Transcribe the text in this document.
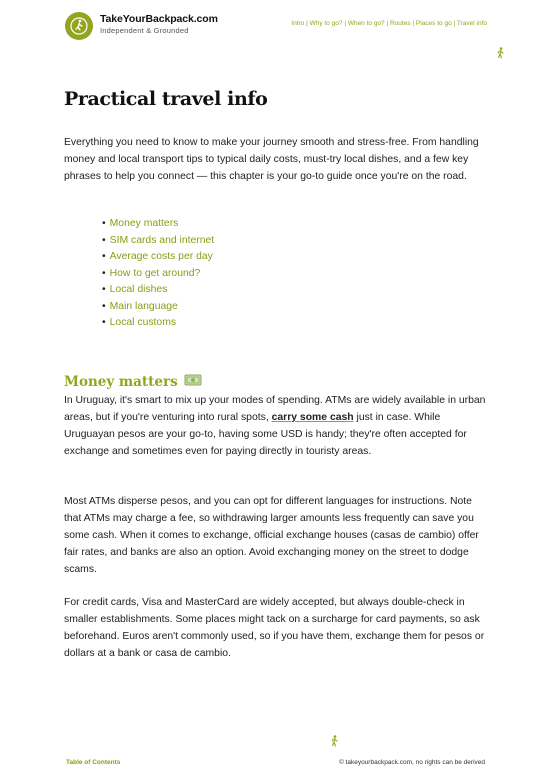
TakeYourBackpack.com
Independent & Grounded
Intro | Why to go? | When to go? | Routes | Places to go | Travel info
Practical travel info

Everything you need to know to make your journey smooth and stress-free. From handling money and local transport tips to typical daily costs, must-try local dishes, and a few key phrases to help you connect — this chapter is your go-to guide once you're on the road.

• Money matters
• SIM cards and internet
• Average costs per day
• How to get around?
• Local dishes
• Main language
• Local customs
Money matters

In Uruguay, it's smart to mix up your modes of spending. ATMs are widely available in urban areas, but if you're venturing into rural spots, carry some cash just in case. While Uruguayan pesos are your go-to, having some USD is handy; they're often accepted for exchange and sometimes even for paying directly in touristy areas.

Most ATMs disperse pesos, and you can opt for different languages for instructions. Note that ATMs may charge a fee, so withdrawing larger amounts less frequently can save you some cash. When it comes to exchange, official exchange houses (casas de cambio) offer fair rates, and banks are also an option. Avoid exchanging money on the street to dodge scams.

For credit cards, Visa and MasterCard are widely accepted, but always double-check in smaller establishments. Some places might tack on a surcharge for card payments, so ask beforehand. Euros aren't commonly used, so if you have them, exchange them for pesos or dollars at a bank or casa de cambio.

Table of Contents	© takeyourbackpack.com, no rights can be derived
